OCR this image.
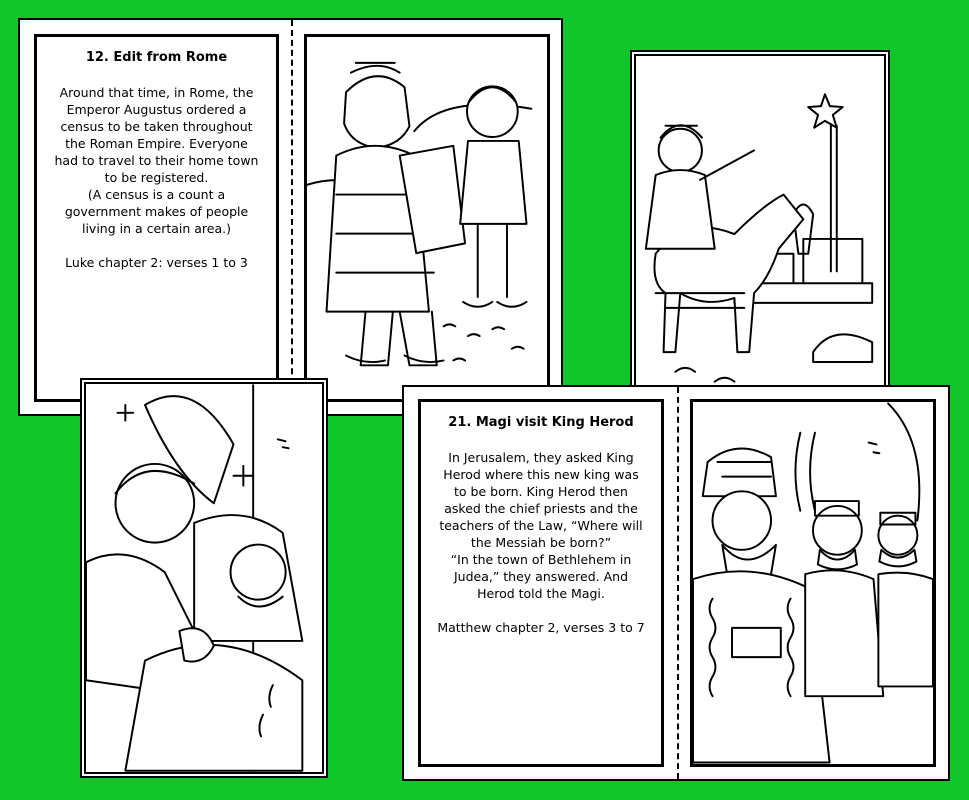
12. Edit from Rome

Around that time, in Rome, the Emperor Augustus ordered a census to be taken throughout the Roman Empire. Everyone had to travel to their home town to be registered.

(A census is a count a government makes of people living in a certain area.)

Luke chapter 2: verses 1 to 3
21. Magi visit King Herod

In Jerusalem, they asked King Herod where this new king was to be born. King Herod then asked the chief priests and the teachers of the Law, “Where will the Messiah be born?”

“In the town of Bethlehem in Judea,” they answered. And Herod told the Magi.

Matthew chapter 2, verses 3 to 7
